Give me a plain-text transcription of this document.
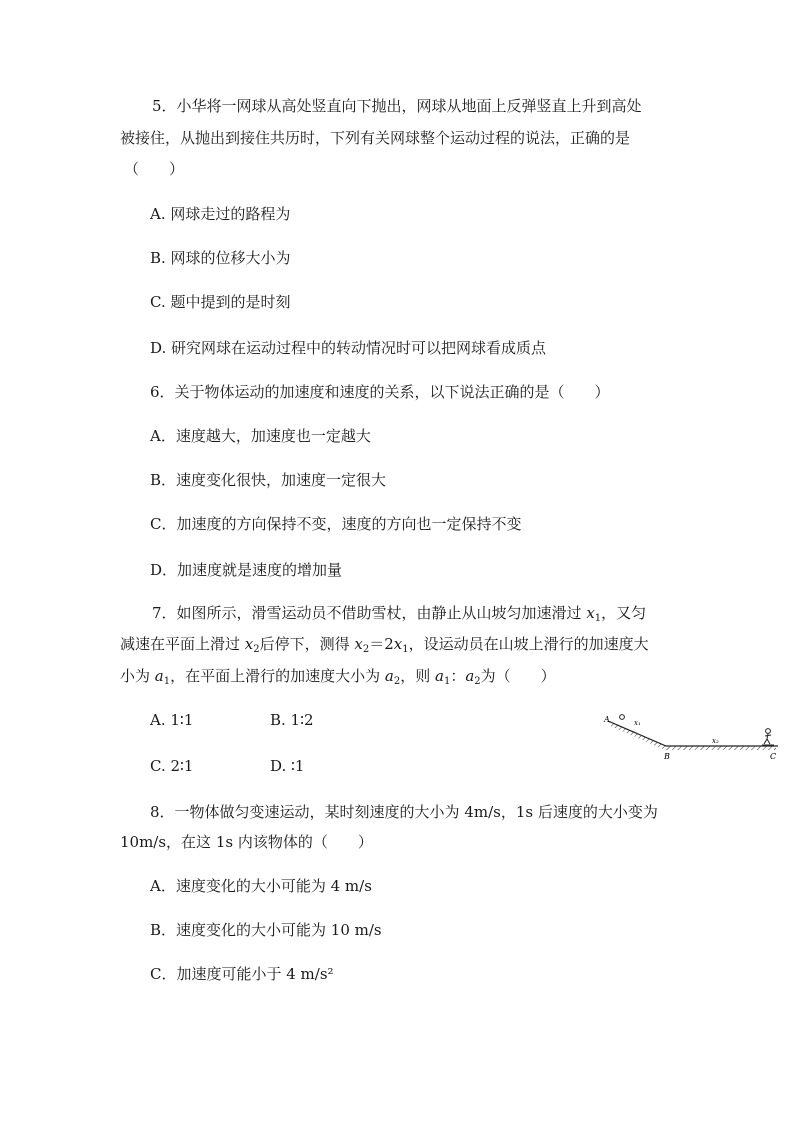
5．小华将一网球从高处竖直向下抛出，网球从地面上反弹竖直上升到高处
被接住，从抛出到接住共历时，下列有关网球整个运动过程的说法，正确的是
（　　）
A. 网球走过的路程为
B. 网球的位移大小为
C. 题中提到的是时刻
D. 研究网球在运动过程中的转动情况时可以把网球看成质点
6．关于物体运动的加速度和速度的关系，以下说法正确的是（　　）
A．速度越大，加速度也一定越大
B．速度变化很快，加速度一定很大
C．加速度的方向保持不变，速度的方向也一定保持不变
D．加速度就是速度的增加量
7．如图所示，滑雪运动员不借助雪杖，由静止从山坡匀加速滑过 $x_1$，又匀
减速在平面上滑过 $x_2$后停下，测得 $x_2=2x_1$，设运动员在山坡上滑行的加速度大
小为 $a_1$，在平面上滑行的加速度大小为 $a_2$，则 $a_1$：$a_2$为（　　）
A. 1∶1	B. 1∶2
C. 2∶1	D. ∶1
A	x₁
B
x₂
C
8．一物体做匀变速运动，某时刻速度的大小为 4m/s，1s 后速度的大小变为
10m/s，在这 1s 内该物体的（　　）
A．速度变化的大小可能为 4 m/s
B．速度变化的大小可能为 10 m/s
C．加速度可能小于 4 m/s²
